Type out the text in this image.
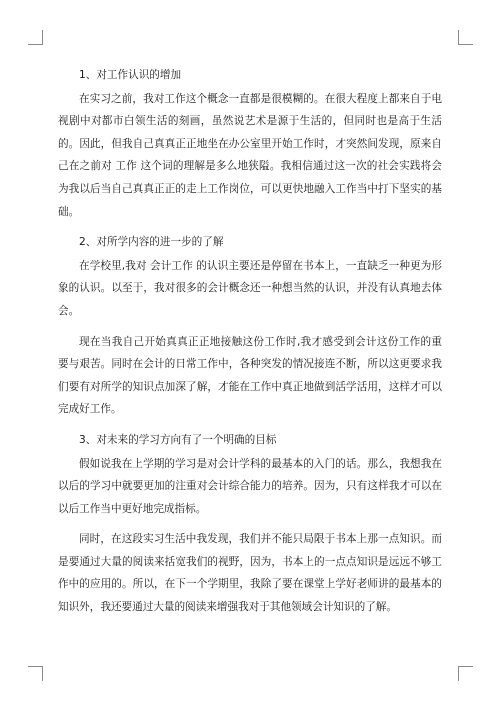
1、对工作认识的增加

在实习之前，我对工作这个概念一直都是很模糊的。在很大程度上都来自于电视剧中对都市白领生活的刻画，虽然说艺术是源于生活的，但同时也是高于生活的。因此，但我自己真真正正地坐在办公室里开始工作时，才突然间发现，原来自己在之前对 工作 这个词的理解是多么地狭隘。我相信通过这一次的社会实践将会为我以后当自己真真正正的走上工作岗位，可以更快地融入工作当中打下坚实的基础。

2、对所学内容的进一步的了解

在学校里,我对 会计工作 的认识主要还是停留在书本上，一直缺乏一种更为形象的认识。以至于，我对很多的会计概念还一种想当然的认识，并没有认真地去体会。

现在当我自己开始真真正正地接触这份工作时,我才感受到会计这份工作的重要与艰苦。同时在会计的日常工作中，各种突发的情况接连不断，所以这更要求我们要有对所学的知识点加深了解，才能在工作中真正地做到活学活用，这样才可以完成好工作。

3、对未来的学习方向有了一个明确的目标

假如说我在上学期的学习是对会计学科的最基本的入门的话。那么，我想我在以后的学习中就要更加的注重对会计综合能力的培养。因为，只有这样我才可以在以后工作当中更好地完成指标。

同时，在这段实习生活中我发现，我们并不能只局限于书本上那一点知识。而是要通过大量的阅读来括宽我们的视野，因为，书本上的一点点知识是远远不够工作中的应用的。所以，在下一个学期里，我除了要在课堂上学好老师讲的最基本的知识外，我还要通过大量的阅读来增强我对于其他领域会计知识的了解。
